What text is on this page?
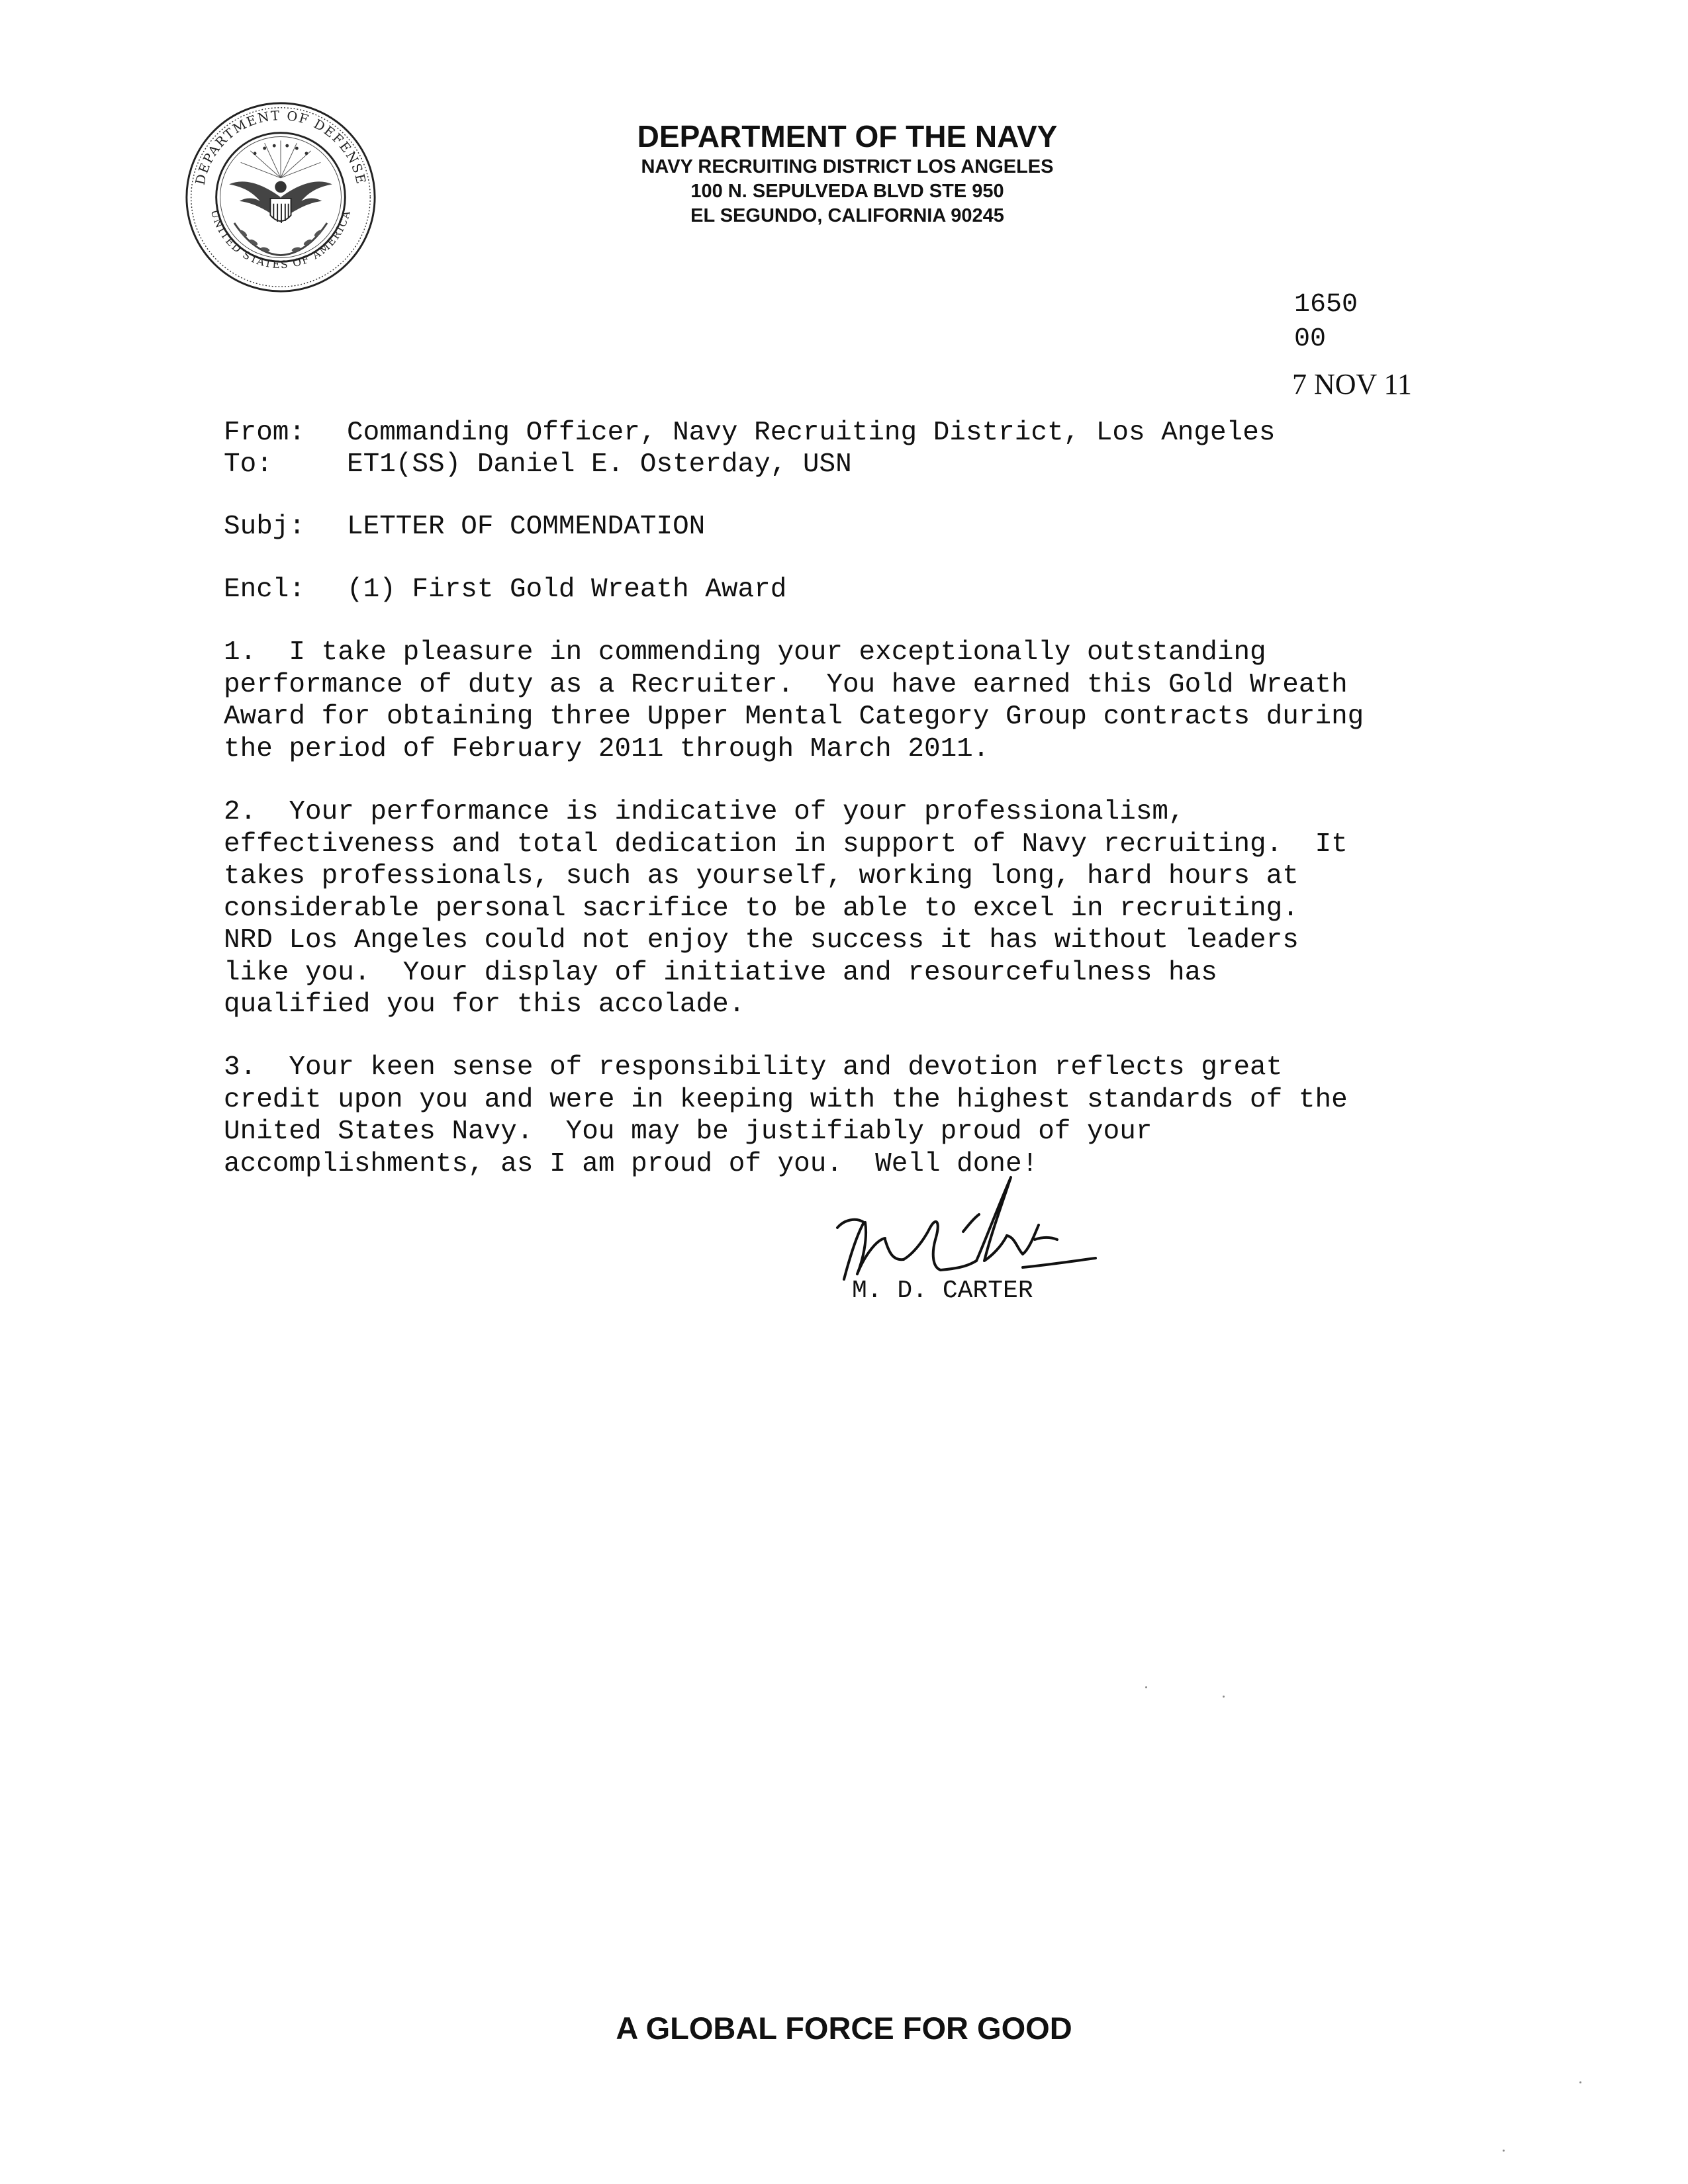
DEPARTMENT OF DEFENSE
UNITED STATES OF AMERICA
DEPARTMENT OF THE NAVY
NAVY RECRUITING DISTRICT LOS ANGELES
100 N. SEPULVEDA BLVD STE 950
EL SEGUNDO, CALIFORNIA 90245
1650
00
7 NOV 11
From: Commanding Officer, Navy Recruiting District, Los Angeles
To:	ET1(SS) Daniel E. Osterday, USN
Subj: LETTER OF COMMENDATION
Encl: (1) First Gold Wreath Award
1.  I take pleasure in commending your exceptionally outstanding
performance of duty as a Recruiter.  You have earned this Gold Wreath
Award for obtaining three Upper Mental Category Group contracts during
the period of February 2011 through March 2011.
2.  Your performance is indicative of your professionalism,
effectiveness and total dedication in support of Navy recruiting.  It
takes professionals, such as yourself, working long, hard hours at
considerable personal sacrifice to be able to excel in recruiting.
NRD Los Angeles could not enjoy the success it has without leaders
like you.  Your display of initiative and resourcefulness has
qualified you for this accolade.
3.  Your keen sense of responsibility and devotion reflects great
credit upon you and were in keeping with the highest standards of the
United States Navy.  You may be justifiably proud of your
accomplishments, as I am proud of you.  Well done!
M. D. CARTER
A GLOBAL FORCE FOR GOOD
